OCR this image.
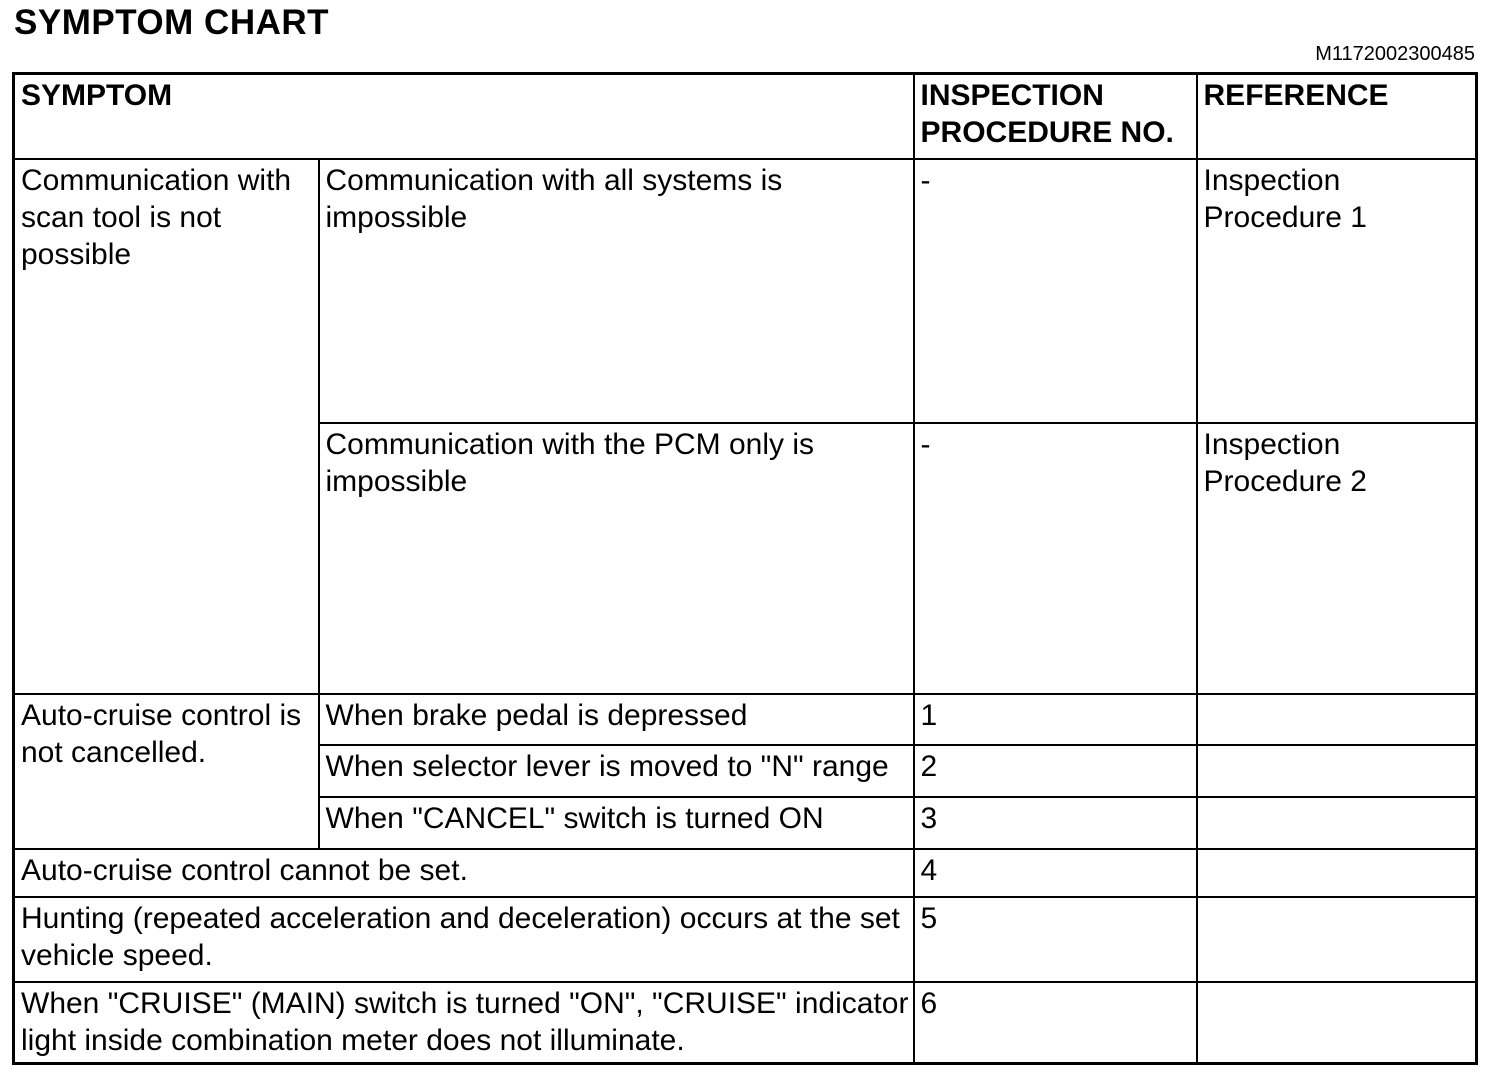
SYMPTOM CHART
M1172002300485
SYMPTOM		INSPECTION PROCEDURE NO.	REFERENCE
Communication with scan tool is not possible	Communication with all systems is impossible	-	Inspection Procedure 1
	Communication with the PCM only is impossible	-	Inspection Procedure 2
Auto-cruise control is not cancelled.	When brake pedal is depressed	1	
	When selector lever is moved to "N" range	2	
	When "CANCEL" switch is turned ON	3	
Auto-cruise control cannot be set.		4	
Hunting (repeated acceleration and deceleration) occurs at the set vehicle speed.		5	
When "CRUISE" (MAIN) switch is turned "ON", "CRUISE" indicator light inside combination meter does not illuminate.		6	
